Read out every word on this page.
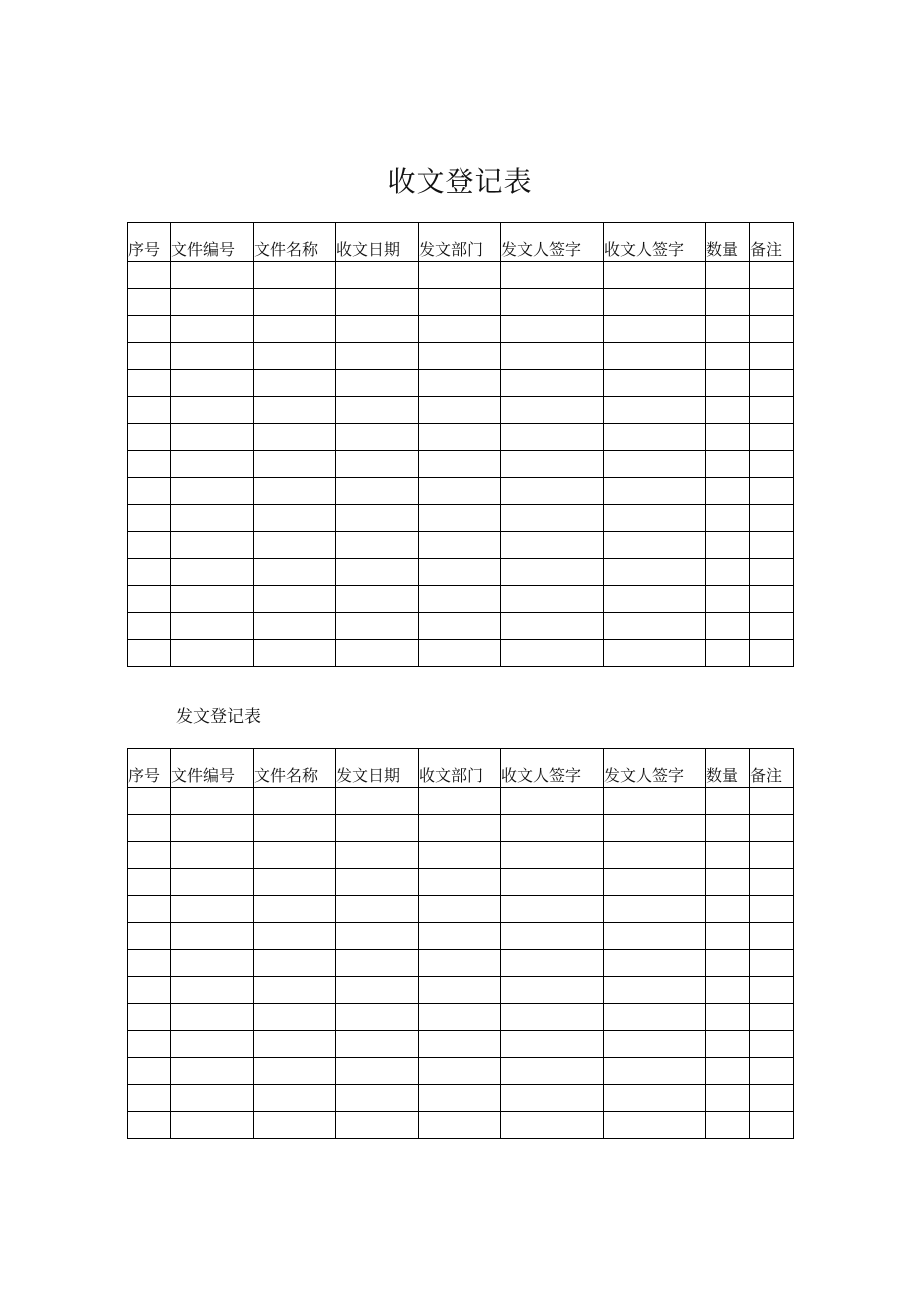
收文登记表
序号	文件编号	文件名称	收文日期	发文部门	发文人签字	收文人签字	数量	备注

发文登记表
序号	文件编号	文件名称	发文日期	收文部门	收文人签字	发文人签字	数量	备注
